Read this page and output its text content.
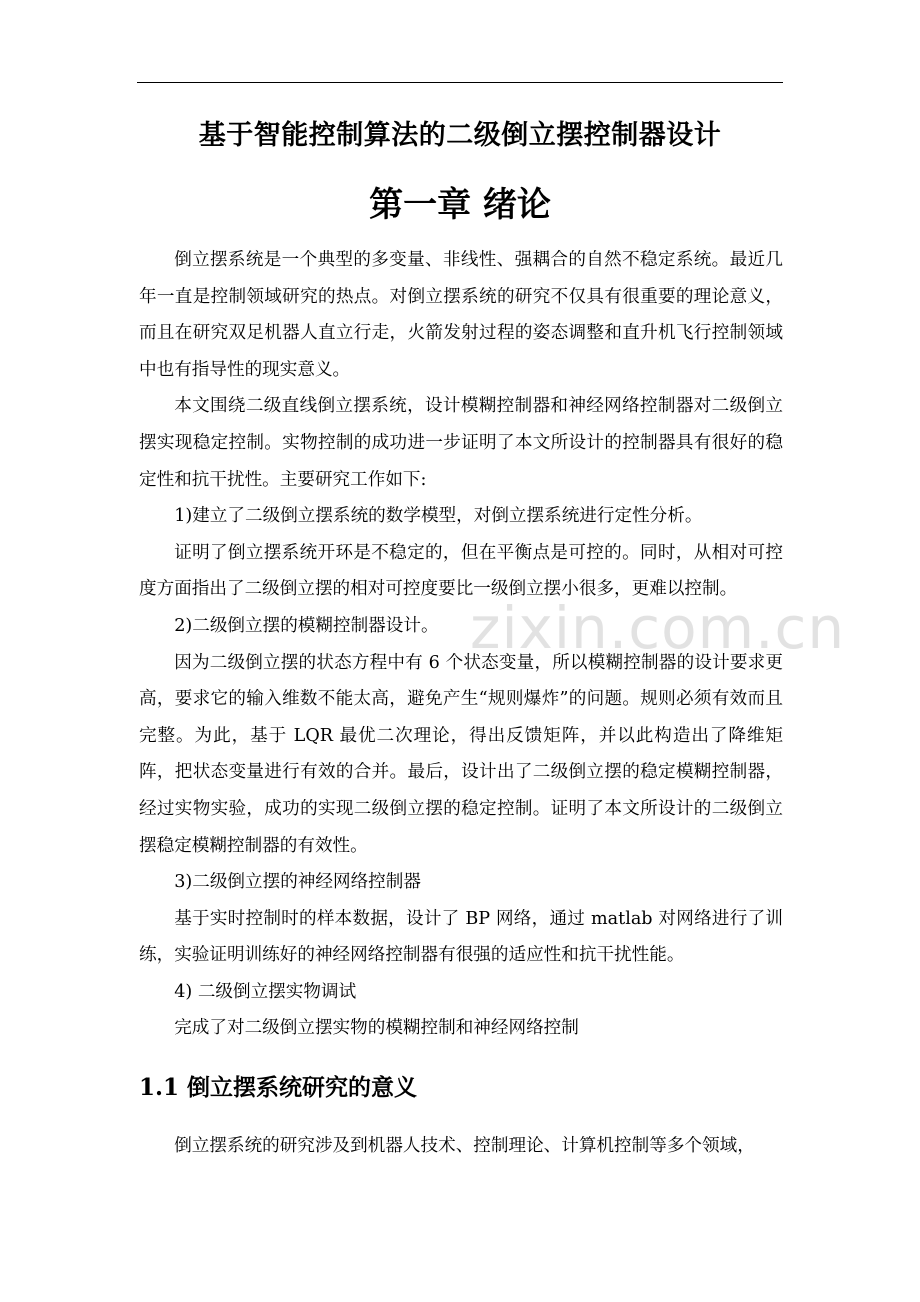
zixin.com.cn
基于智能控制算法的二级倒立摆控制器设计
第一章 绪论

倒立摆系统是一个典型的多变量、非线性、强耦合的自然不稳定系统。最近几年一直是控制领域研究的热点。对倒立摆系统的研究不仅具有很重要的理论意义，而且在研究双足机器人直立行走，火箭发射过程的姿态调整和直升机飞行控制领域中也有指导性的现实意义。

本文围绕二级直线倒立摆系统，设计模糊控制器和神经网络控制器对二级倒立摆实现稳定控制。实物控制的成功进一步证明了本文所设计的控制器具有很好的稳定性和抗干扰性。主要研究工作如下:

1)建立了二级倒立摆系统的数学模型，对倒立摆系统进行定性分析。

证明了倒立摆系统开环是不稳定的，但在平衡点是可控的。同时，从相对可控度方面指出了二级倒立摆的相对可控度要比一级倒立摆小很多，更难以控制。

2)二级倒立摆的模糊控制器设计。

因为二级倒立摆的状态方程中有 6 个状态变量，所以模糊控制器的设计要求更高，要求它的输入维数不能太高，避免产生“规则爆炸”的问题。规则必须有效而且完整。为此，基于 LQR 最优二次理论，得出反馈矩阵，并以此构造出了降维矩阵，把状态变量进行有效的合并。最后，设计出了二级倒立摆的稳定模糊控制器，经过实物实验，成功的实现二级倒立摆的稳定控制。证明了本文所设计的二级倒立摆稳定模糊控制器的有效性。

3)二级倒立摆的神经网络控制器

基于实时控制时的样本数据，设计了 BP 网络，通过 matlab 对网络进行了训练，实验证明训练好的神经网络控制器有很强的适应性和抗干扰性能。

4) 二级倒立摆实物调试

完成了对二级倒立摆实物的模糊控制和神经网络控制

1.1 倒立摆系统研究的意义

倒立摆系统的研究涉及到机器人技术、控制理论、计算机控制等多个领域，
